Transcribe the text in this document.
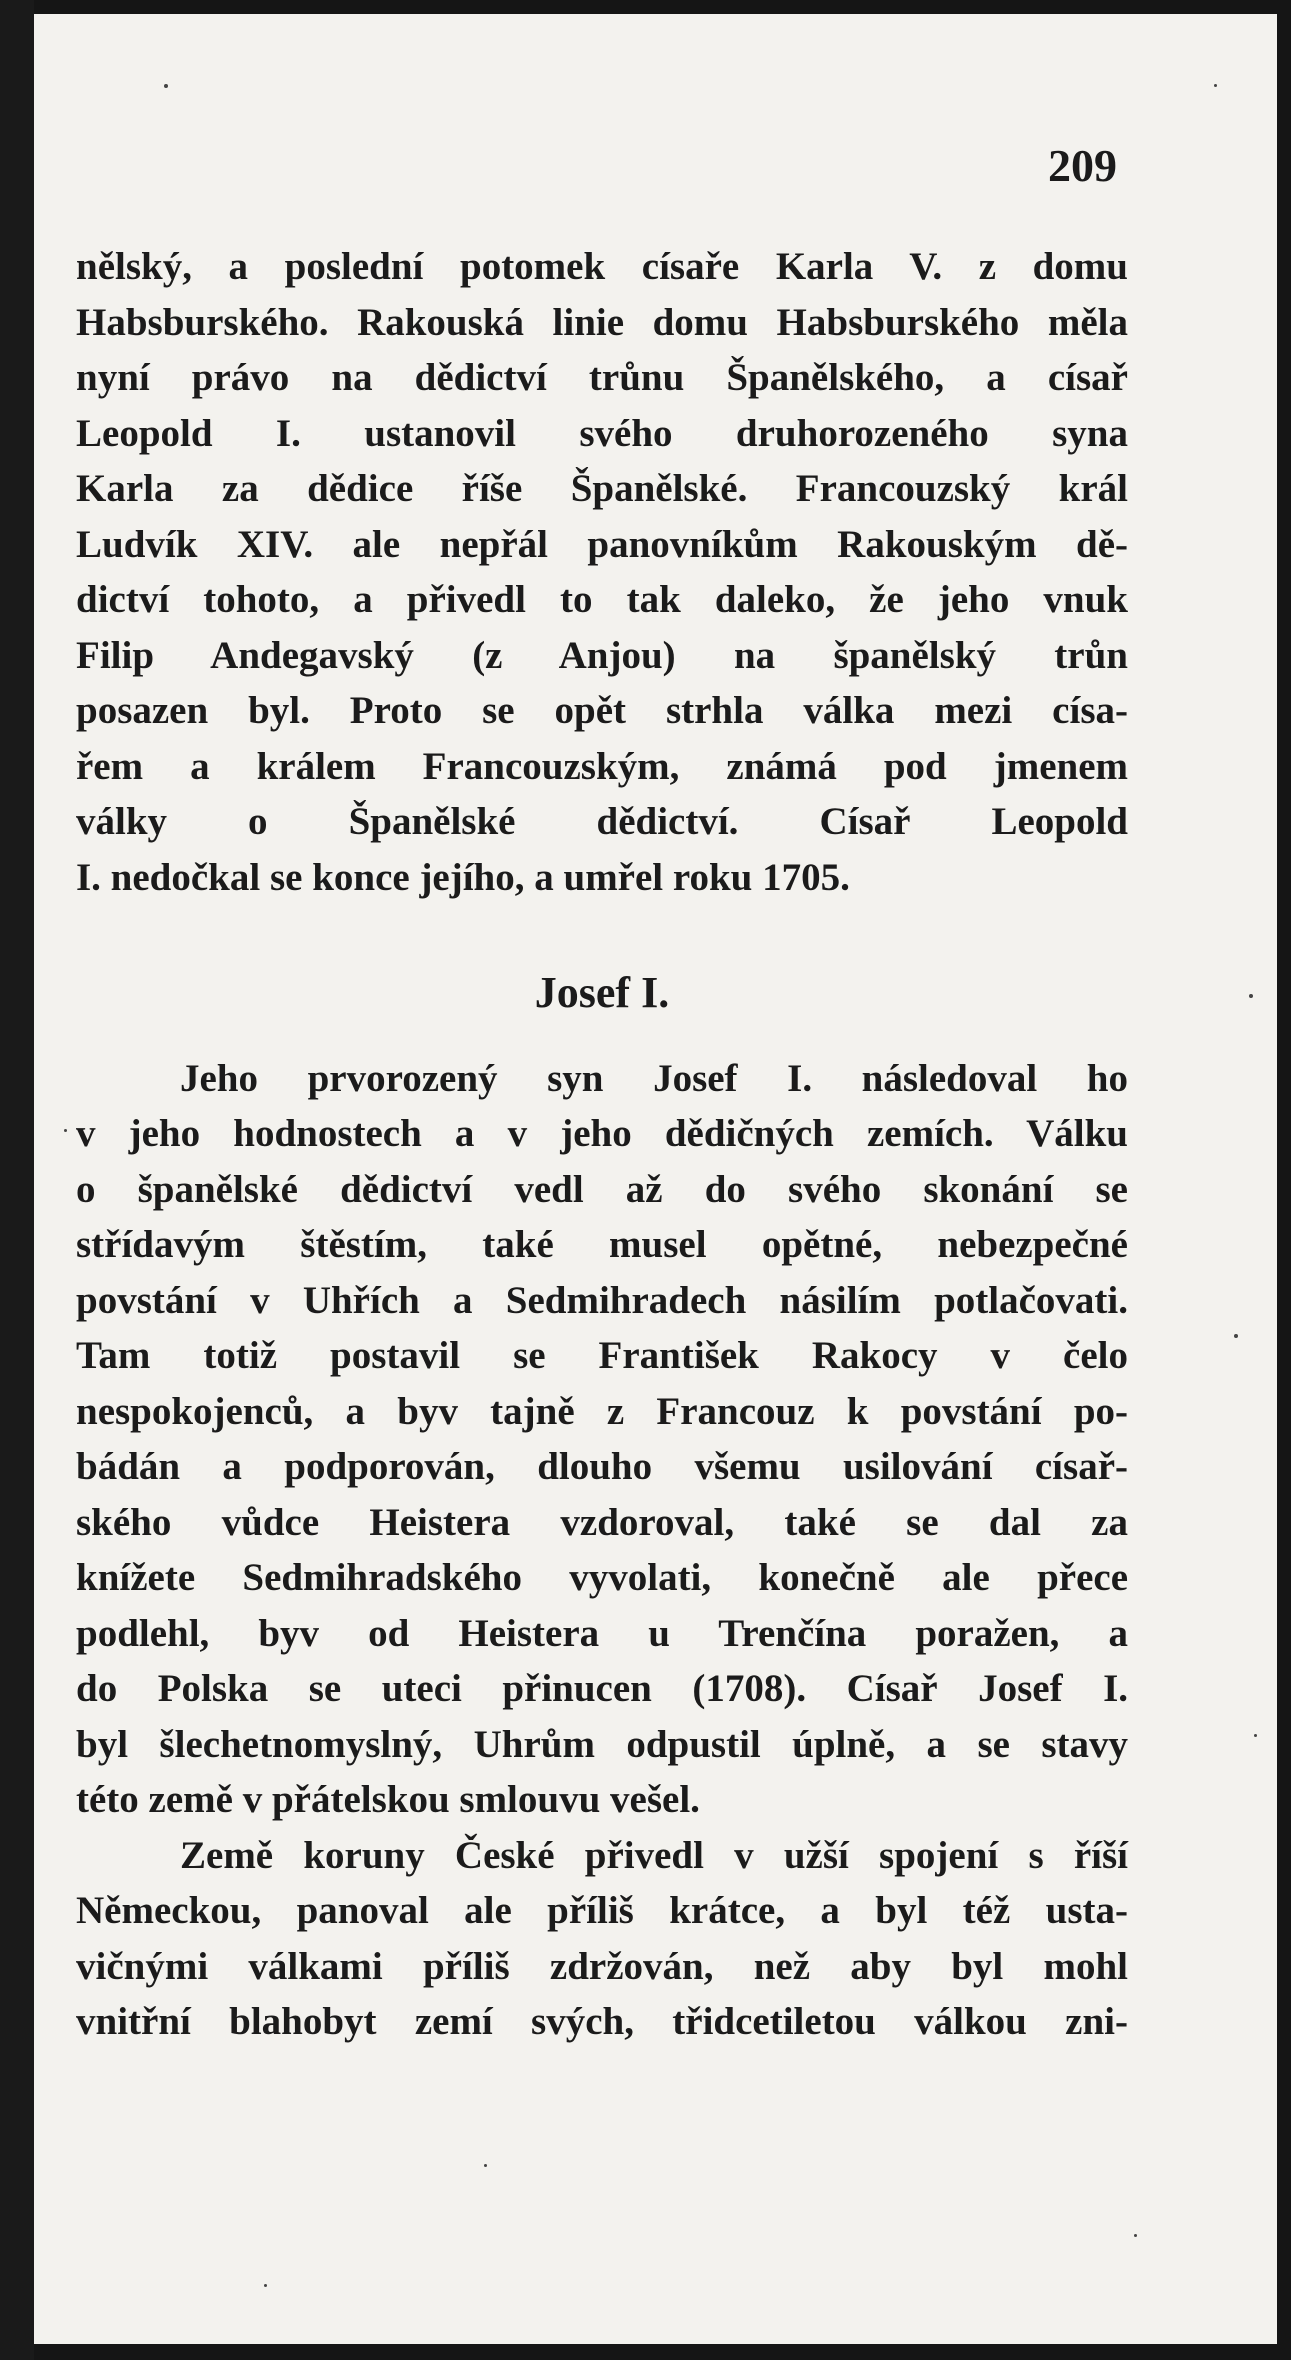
209
nělský, a poslední potomek císaře Karla V. z domu
Habsburského. Rakouská linie domu Habsburského měla
nyní právo na dědictví trůnu Španělského, a císař
Leopold I. ustanovil svého druhorozeného syna
Karla za dědice říše Španělské. Francouzský král
Ludvík XIV. ale nepřál panovníkům Rakouským dě-
dictví tohoto, a přivedl to tak daleko, že jeho vnuk
Filip Andegavský (z Anjou) na španělský trůn
posazen byl. Proto se opět strhla válka mezi císa-
řem a králem Francouzským, známá pod jmenem
války o Španělské dědictví. Císař Leopold
I. nedočkal se konce jejího, a umřel roku 1705.
Josef I.
Jeho prvorozený syn Josef I. následoval ho
v jeho hodnostech a v jeho dědičných zemích. Válku
o španělské dědictví vedl až do svého skonání se
střídavým štěstím, také musel opětné, nebezpečné
povstání v Uhřích a Sedmihradech násilím potlačovati.
Tam totiž postavil se František Rakocy v čelo
nespokojenců, a byv tajně z Francouz k povstání po-
bádán a podporován, dlouho všemu usilování císař-
ského vůdce Heistera vzdoroval, také se dal za
knížete Sedmihradského vyvolati, konečně ale přece
podlehl, byv od Heistera u Trenčína poražen, a
do Polska se uteci přinucen (1708). Císař Josef I.
byl šlechetnomyslný, Uhrům odpustil úplně, a se stavy
této země v přátelskou smlouvu vešel.
Země koruny České přivedl v užší spojení s říší
Německou, panoval ale příliš krátce, a byl též usta-
vičnými válkami příliš zdržován, než aby byl mohl
vnitřní blahobyt zemí svých, třidcetiletou válkou zni-
